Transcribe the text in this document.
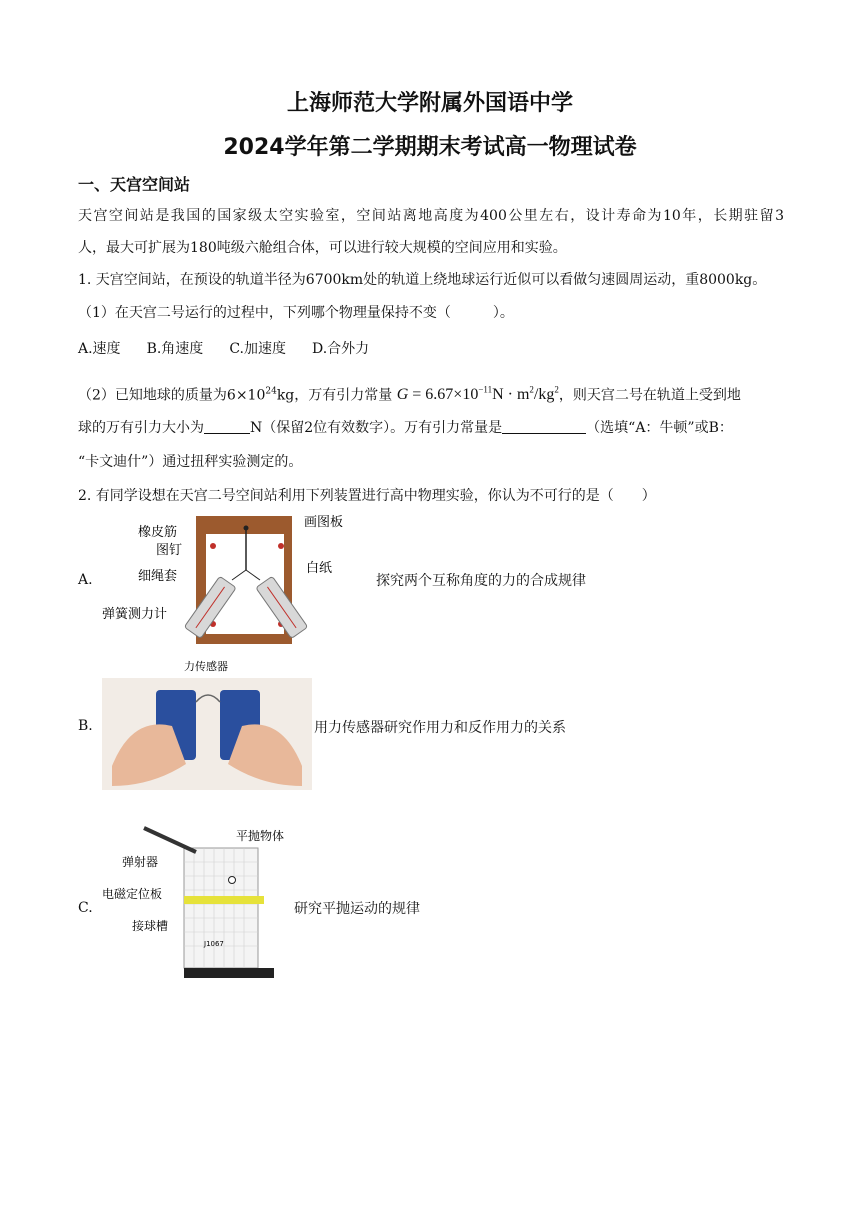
上海师范大学附属外国语中学
2024学年第二学期期末考试高一物理试卷
一、天宫空间站
天宫空间站是我国的国家级太空实验室，空间站离地高度为400公里左右，设计寿命为10年，长期驻留3
人，最大可扩展为180吨级六舱组合体，可以进行较大规模的空间应用和实验。
1. 天宫空间站，在预设的轨道半径为6700km处的轨道上绕地球运行近似可以看做匀速圆周运动，重8000kg。
（1）在天宫二号运行的过程中，下列哪个物理量保持不变（　　　）。
A.速度 B.角速度 C.加速度 D.合外力
（2）已知地球的质量为$6\times 10^{24}kg$，万有引力常量 $G = 6.67\times 10^{-11}N \cdot m^2/kg^2$，则天宫二号在轨道上受到地
球的万有引力大小为	N（保留2位有效数字）。万有引力常量是	（选填“A：牛顿”或B：
“卡文迪什”）通过扭秤实验测定的。
2. 有同学设想在天宫二号空间站利用下列装置进行高中物理实验，你认为不可行的是（　　）
A.
橡皮筋
图钉
细绳套
弹簧测力计
画图板
白纸
探究两个互称角度的力的合成规律
B.
力传感器
用力传感器研究作用力和反作用力的关系
C.
平抛物体
弹射器
电磁定位板
接球槽
J1067
研究平抛运动的规律
